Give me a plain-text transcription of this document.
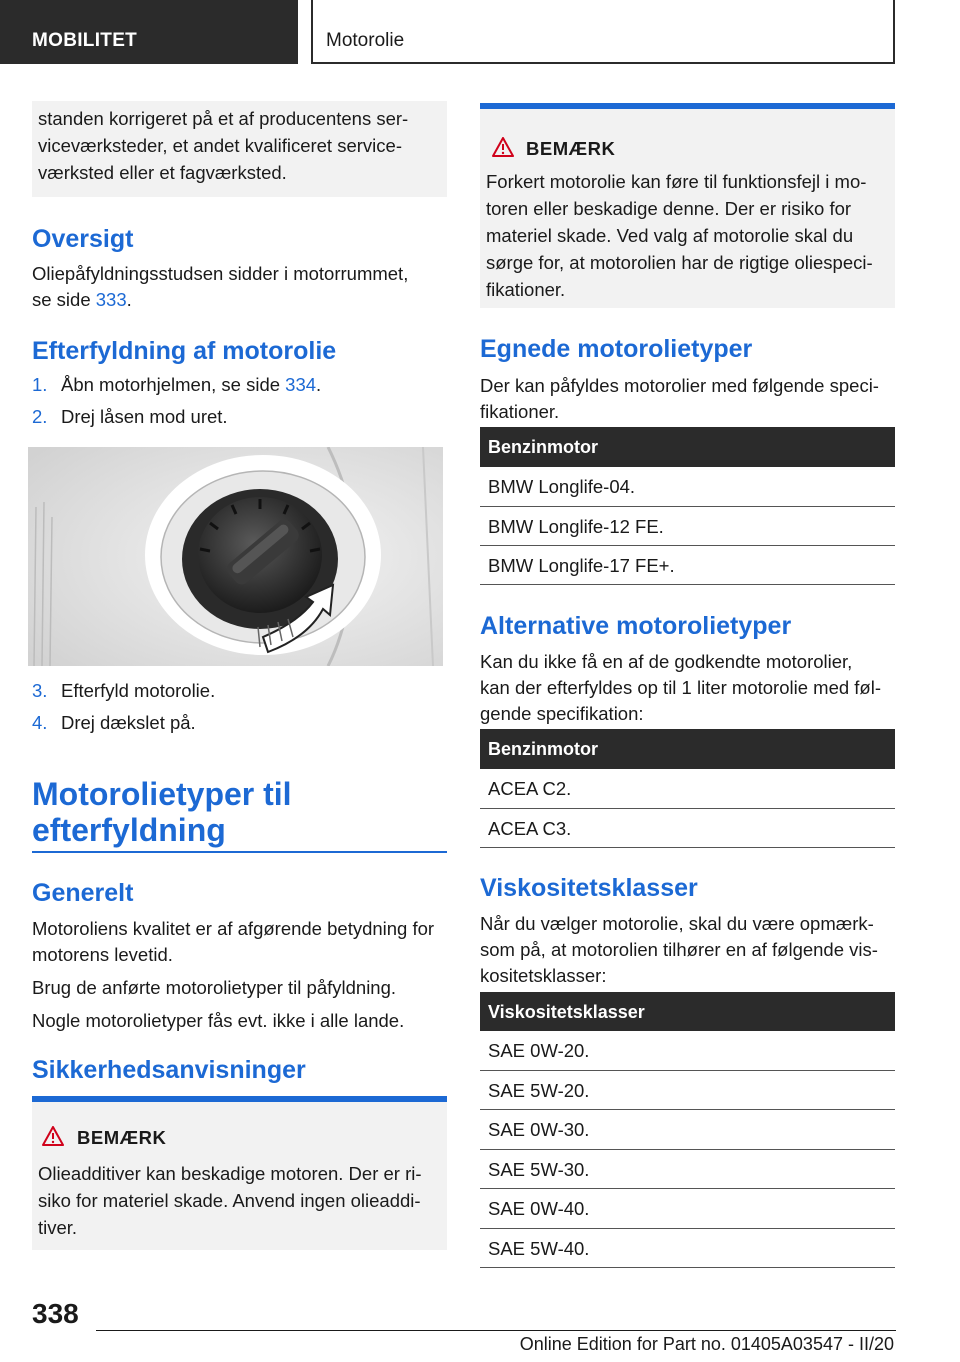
MOBILITET	Motorolie
standen korrigeret på et af producentens ser-
viceværksteder, et andet kvalificeret service-
værksted eller et fagværksted.
Oversigt
Oliepåfyldningsstudsen sidder i motorrummet,
se side 333.
Efterfyldning af motorolie
1. Åbn motorhjelmen, se side 334.
2. Drej låsen mod uret.
3. Efterfyld motorolie.
4. Drej dækslet på.
Motorolietyper til
efterfyldning
Generelt
Motoroliens kvalitet er af afgørende betydning for
motorens levetid.
Brug de anførte motorolietyper til påfyldning.
Nogle motorolietyper fås evt. ikke i alle lande.
Sikkerhedsanvisninger
BEMÆRK
Olieadditiver kan beskadige motoren. Der er ri-
siko for materiel skade. Anvend ingen olieaddi-
tiver.
BEMÆRK
Forkert motorolie kan føre til funktionsfejl i mo-
toren eller beskadige denne. Der er risiko for
materiel skade. Ved valg af motorolie skal du
sørge for, at motorolien har de rigtige oliespeci-
fikationer.
Egnede motorolietyper
Der kan påfyldes motorolier med følgende speci-
fikationer.
Benzinmotor
BMW Longlife-04.
BMW Longlife-12 FE.
BMW Longlife-17 FE+.
Alternative motorolietyper
Kan du ikke få en af de godkendte motorolier,
kan der efterfyldes op til 1 liter motorolie med føl-
gende specifikation:
Benzinmotor
ACEA C2.
ACEA C3.
Viskositetsklasser
Når du vælger motorolie, skal du være opmærk-
som på, at motorolien tilhører en af følgende vis-
kositetsklasser:
Viskositetsklasser
SAE 0W-20.
SAE 5W-20.
SAE 0W-30.
SAE 5W-30.
SAE 0W-40.
SAE 5W-40.
338
Online Edition for Part no. 01405A03547 - II/20
